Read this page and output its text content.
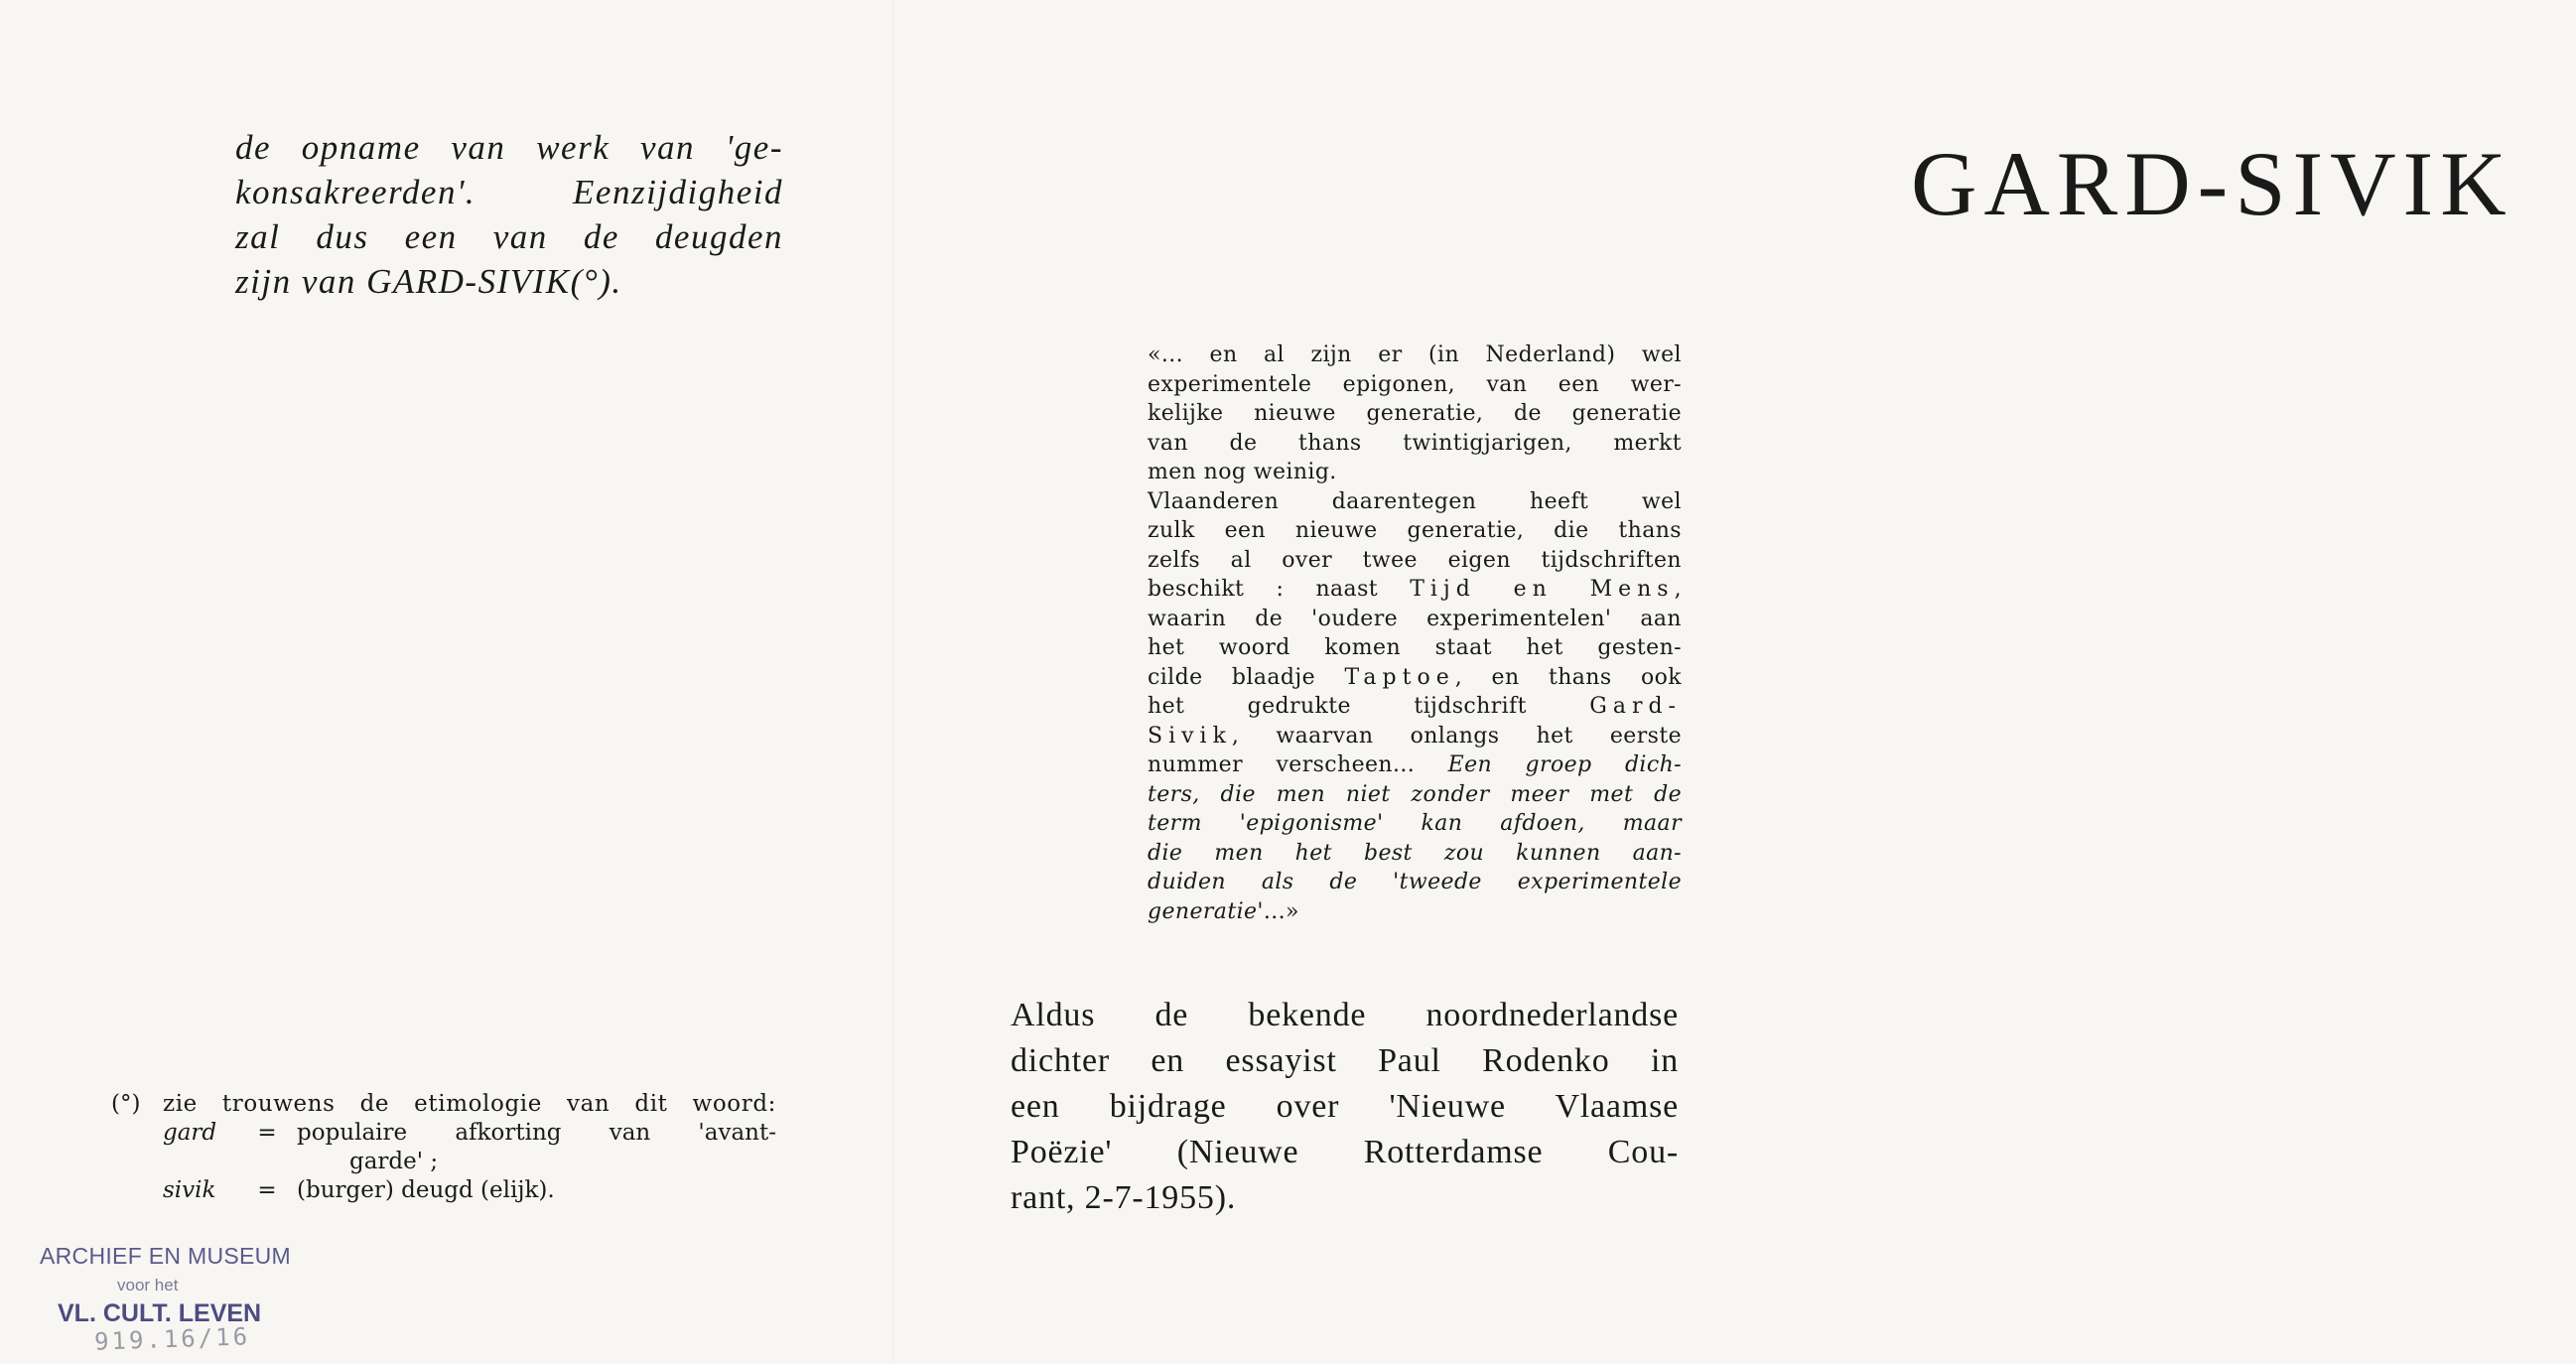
de opname van werk van 'ge-
konsakreerden'. Eenzijdigheid
zal dus een van de deugden
zijn van GARD-SIVIK(°).
(°) zie trouwens de etimologie van dit woord:
gard	= populaire afkorting van 'avant-
garde' ;
sivik	= (burger) deugd (elijk).
ARCHIEF EN MUSEUM
voor het
VL. CULT. LEVEN
919.16/16
GARD-SIVIK
«... en al zijn er (in Nederland) wel
experimentele epigonen, van een wer-
kelijke nieuwe generatie, de generatie
van de thans twintigjarigen, merkt
men nog weinig.
Vlaanderen daarentegen heeft wel
zulk een nieuwe generatie, die thans
zelfs al over twee eigen tijdschriften
beschikt : naast Tijd en Mens,
waarin de 'oudere experimentelen' aan
het woord komen staat het gesten-
cilde blaadje Taptoe, en thans ook
het gedrukte tijdschrift Gard-
Sivik, waarvan onlangs het eerste
nummer verscheen... Een groep dich-
ters, die men niet zonder meer met de
term 'epigonisme' kan afdoen, maar
die men het best zou kunnen aan-
duiden als de 'tweede experimentele
generatie'...»
Aldus de bekende noordnederlandse
dichter en essayist Paul Rodenko in
een bijdrage over 'Nieuwe Vlaamse
Poëzie' (Nieuwe Rotterdamse Cou-
rant, 2-7-1955).
